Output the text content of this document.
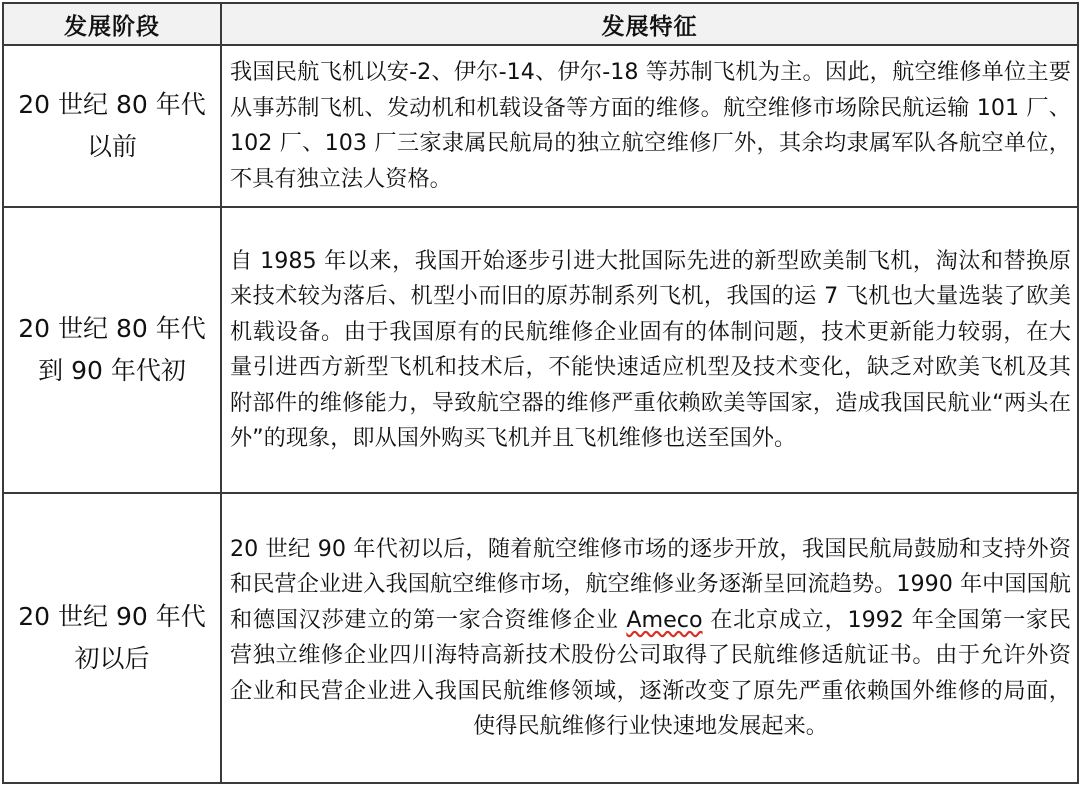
发展阶段	发展特征

20 世纪 80 年代
以前	我国民航飞机以安-2、伊尔-14、伊尔-18 等苏制飞机为主。因此，航空维修单位主要从事苏制飞机、发动机和机载设备等方面的维修。航空维修市场除民航运输 101 厂、102 厂、103 厂三家隶属民航局的独立航空维修厂外，其余均隶属军队各航空单位，不具有独立法人资格。

20 世纪 80 年代
到 90 年代初	自 1985 年以来，我国开始逐步引进大批国际先进的新型欧美制飞机，淘汰和替换原来技术较为落后、机型小而旧的原苏制系列飞机，我国的运 7 飞机也大量选装了欧美机载设备。由于我国原有的民航维修企业固有的体制问题，技术更新能力较弱，在大量引进西方新型飞机和技术后，不能快速适应机型及技术变化，缺乏对欧美飞机及其附部件的维修能力，导致航空器的维修严重依赖欧美等国家，造成我国民航业“两头在外”的现象，即从国外购买飞机并且飞机维修也送至国外。

20 世纪 90 年代
初以后	20 世纪 90 年代初以后，随着航空维修市场的逐步开放，我国民航局鼓励和支持外资和民营企业进入我国航空维修市场，航空维修业务逐渐呈回流趋势。1990 年中国国航和德国汉莎建立的第一家合资维修企业 Ameco 在北京成立，1992 年全国第一家民营独立维修企业四川海特高新技术股份公司取得了民航维修适航证书。由于允许外资企业和民营企业进入我国民航维修领域，逐渐改变了原先严重依赖国外维修的局面，使得民航维修行业快速地发展起来。
